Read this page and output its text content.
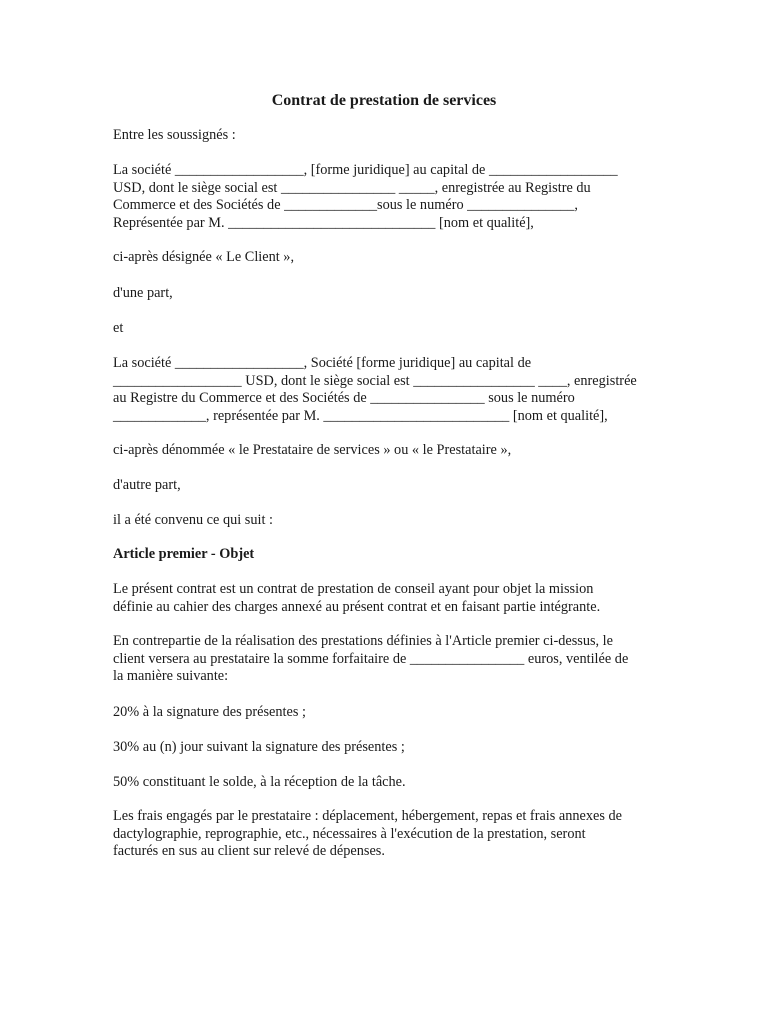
Contrat de prestation de services
Entre les soussignés :
La société __________________, [forme juridique] au capital de __________________
USD, dont le siège social est ________________ _____, enregistrée au Registre du
Commerce et des Sociétés de _____________sous le numéro _______________,
Représentée par M. _____________________________ [nom et qualité],
ci-après désignée « Le Client »,
d'une part,
et
La société __________________, Société [forme juridique] au capital de
__________________ USD, dont le siège social est _________________ ____, enregistrée
au Registre du Commerce et des Sociétés de ________________ sous le numéro
_____________, représentée par M. __________________________ [nom et qualité],
ci-après dénommée « le Prestataire de services » ou « le Prestataire »,
d'autre part,
il a été convenu ce qui suit :
Article premier - Objet
Le présent contrat est un contrat de prestation de conseil ayant pour objet la mission
définie au cahier des charges annexé au présent contrat et en faisant partie intégrante.
En contrepartie de la réalisation des prestations définies à l'Article premier ci-dessus, le
client versera au prestataire la somme forfaitaire de ________________ euros, ventilée de
la manière suivante:
20% à la signature des présentes ;
30% au (n) jour suivant la signature des présentes ;
50% constituant le solde, à la réception de la tâche.
Les frais engagés par le prestataire : déplacement, hébergement, repas et frais annexes de
dactylographie, reprographie, etc., nécessaires à l'exécution de la prestation, seront
facturés en sus au client sur relevé de dépenses.
